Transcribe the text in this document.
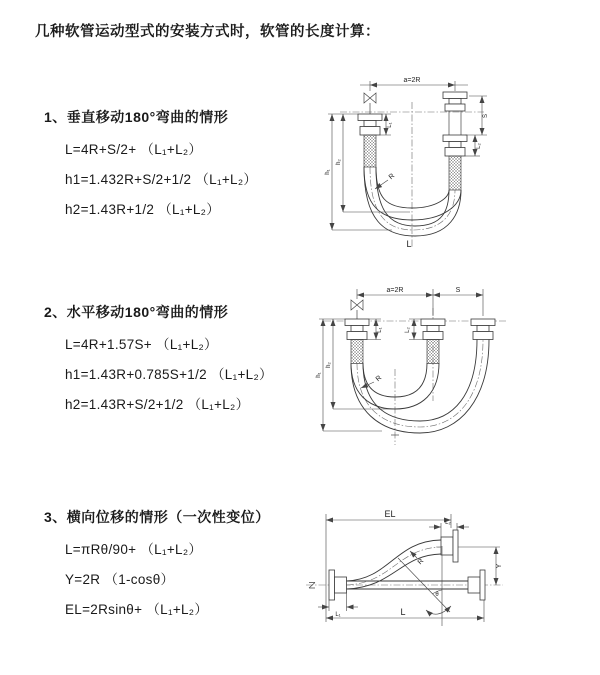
几种软管运动型式的安装方式时，软管的长度计算：
1、垂直移动180°弯曲的情形

L=4R+S/2+ （L₁+L₂）

h1=1.432R+S/2+1/2 （L₁+L₂）

h2=1.43R+1/2 （L₁+L₂）

a=2R
h₁
h₂
L₁
S
L₂
R
L
2、水平移动180°弯曲的情形

L=4R+1.57S+ （L₁+L₂）

h1=1.43R+0.785S+1/2 （L₁+L₂）

h2=1.43R+S/2+1/2 （L₁+L₂）

a=2R	S
h₁
h₂
L₁	L₂
R
3、横向位移的情形（一次性变位）

L=πRθ/90+ （L₁+L₂）

Y=2R （1-cosθ）

EL=2Rsinθ+ （L₁+L₂）

EL
L₂
Y
R
θ
L
L₁
